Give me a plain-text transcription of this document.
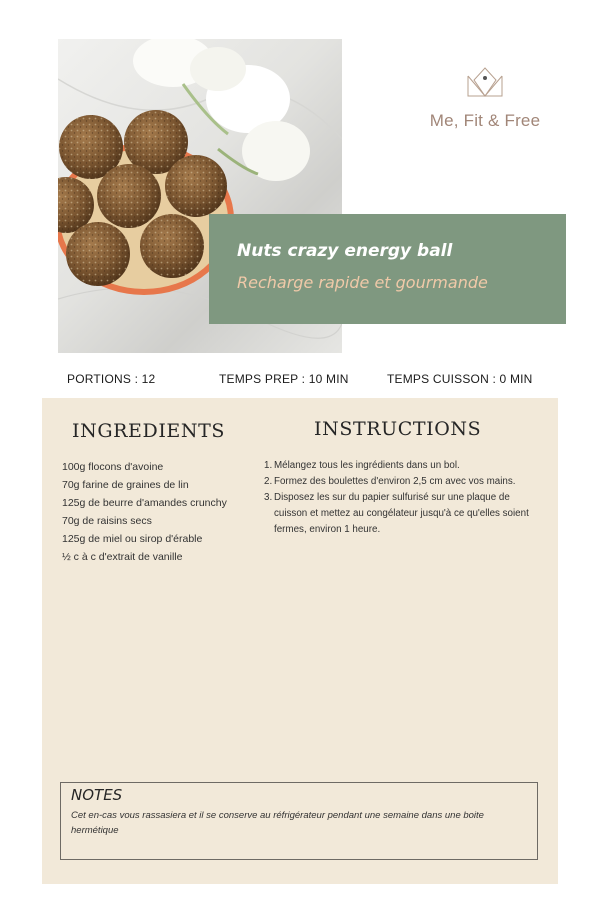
Me, Fit & Free
Nuts crazy energy ball
Recharge rapide et gourmande
PORTIONS : 12	TEMPS PREP : 10 MIN	TEMPS CUISSON : 0 MIN
INGREDIENTS	INSTRUCTIONS
100g flocons d'avoine
70g farine de graines de lin
125g de beurre d'amandes crunchy
70g de raisins secs
125g de miel ou sirop d'érable
½ c à c d'extrait de vanille
1. Mélangez tous les ingrédients dans un bol.
2. Formez des boulettes d'environ 2,5 cm avec vos mains.
3. Disposez les sur du papier sulfurisé sur une plaque de cuisson et mettez au congélateur jusqu'à ce qu'elles soient fermes, environ 1 heure.
NOTES
Cet en-cas vous rassasiera et il se conserve au réfrigérateur pendant une semaine dans une boite hermétique
